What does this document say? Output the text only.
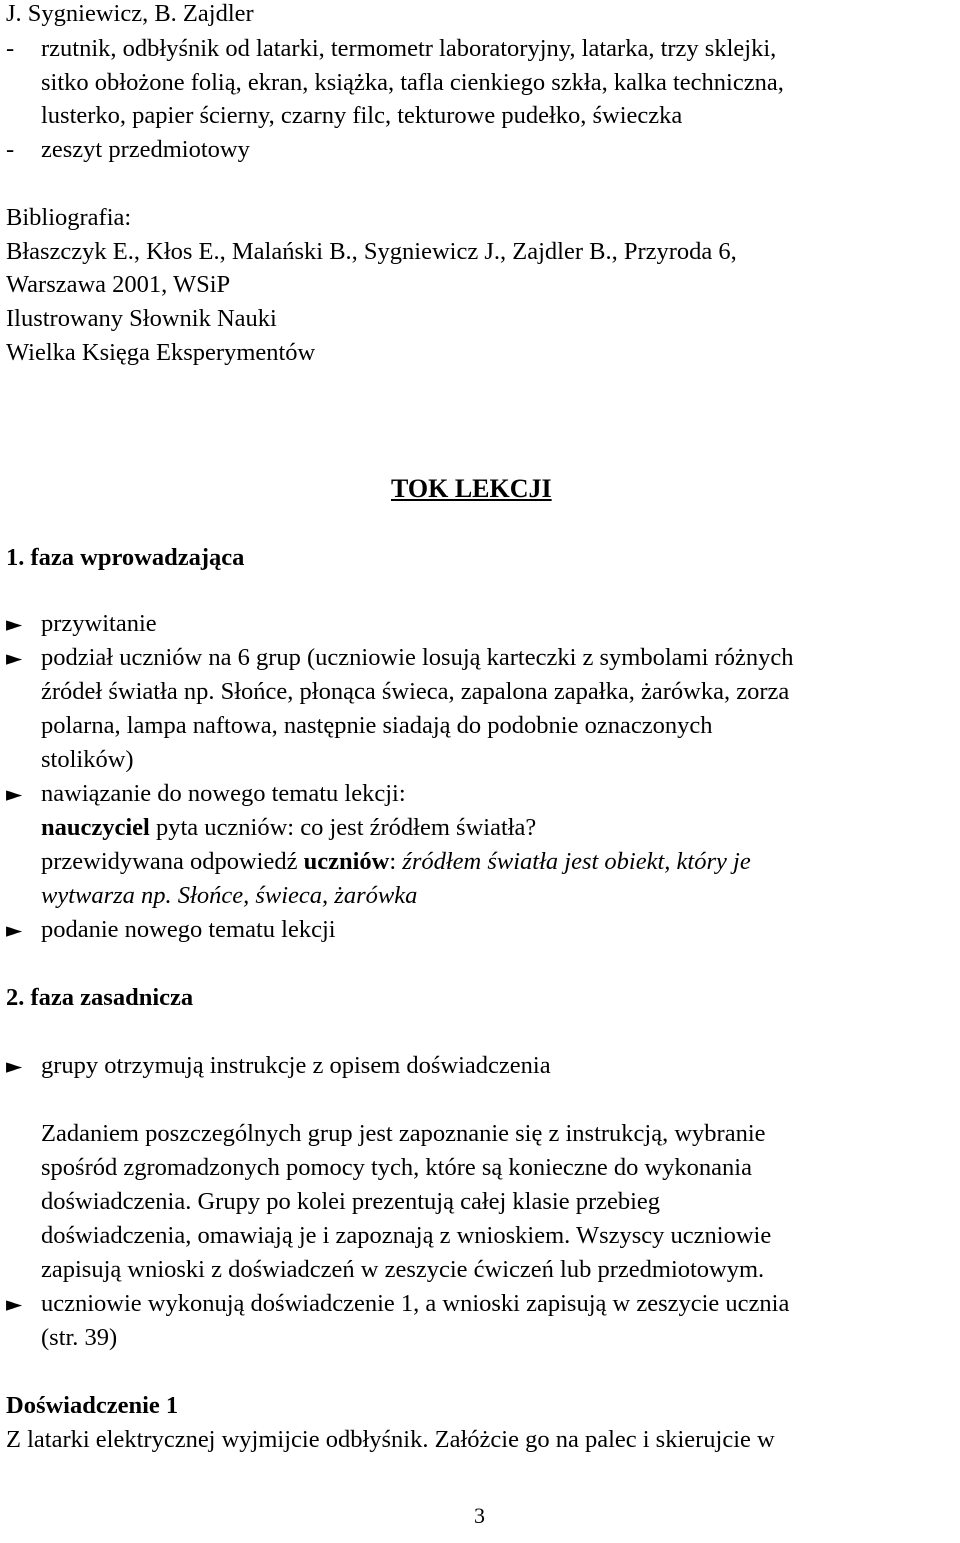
J. Sygniewicz, B. Zajdler
- rzutnik, odbłyśnik od latarki, termometr laboratoryjny, latarka, trzy sklejki,
sitko obłożone folią, ekran, książka, tafla cienkiego szkła, kalka techniczna,
lusterko, papier ścierny, czarny filc, tekturowe pudełko, świeczka
- zeszyt przedmiotowy
Bibliografia:
Błaszczyk E., Kłos E., Malański B., Sygniewicz J., Zajdler B., Przyroda 6,
Warszawa 2001, WSiP
Ilustrowany Słownik Nauki
Wielka Księga Eksperymentów
TOK LEKCJI
1. faza wprowadzająca
► przywitanie
► podział uczniów na 6 grup (uczniowie losują karteczki z symbolami różnych
źródeł światła np. Słońce, płonąca świeca, zapalona zapałka, żarówka, zorza
polarna, lampa naftowa, następnie siadają do podobnie oznaczonych
stolików)
► nawiązanie do nowego tematu lekcji:
nauczyciel pyta uczniów: co jest źródłem światła?
przewidywana odpowiedź uczniów: źródłem światła jest obiekt, który je
wytwarza np. Słońce, świeca, żarówka
► podanie nowego tematu lekcji
2. faza zasadnicza
► grupy otrzymują instrukcje z opisem doświadczenia
Zadaniem poszczególnych grup jest zapoznanie się z instrukcją, wybranie
spośród zgromadzonych pomocy tych, które są konieczne do wykonania
doświadczenia. Grupy po kolei prezentują całej klasie przebieg
doświadczenia, omawiają je i zapoznają z wnioskiem. Wszyscy uczniowie
zapisują wnioski z doświadczeń w zeszycie ćwiczeń lub przedmiotowym.
► uczniowie wykonują doświadczenie 1, a wnioski zapisują w zeszycie ucznia
(str. 39)
Doświadczenie 1
Z latarki elektrycznej wyjmijcie odbłyśnik. Załóżcie go na palec i skierujcie w
3
